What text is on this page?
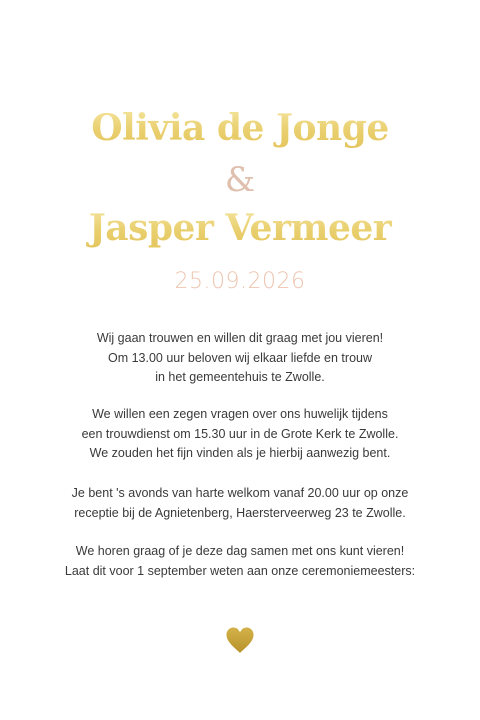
Olivia de Jonge
&
Jasper Vermeer
25.09.2026

Wij gaan trouwen en willen dit graag met jou vieren!
Om 13.00 uur beloven wij elkaar liefde en trouw
in het gemeentehuis te Zwolle.

We willen een zegen vragen over ons huwelijk tijdens
een trouwdienst om 15.30 uur in de Grote Kerk te Zwolle.
We zouden het fijn vinden als je hierbij aanwezig bent.

Je bent 's avonds van harte welkom vanaf 20.00 uur op onze
receptie bij de Agnietenberg, Haersterveerweg 23 te Zwolle.

We horen graag of je deze dag samen met ons kunt vieren!
Laat dit voor 1 september weten aan onze ceremoniemeesters:
